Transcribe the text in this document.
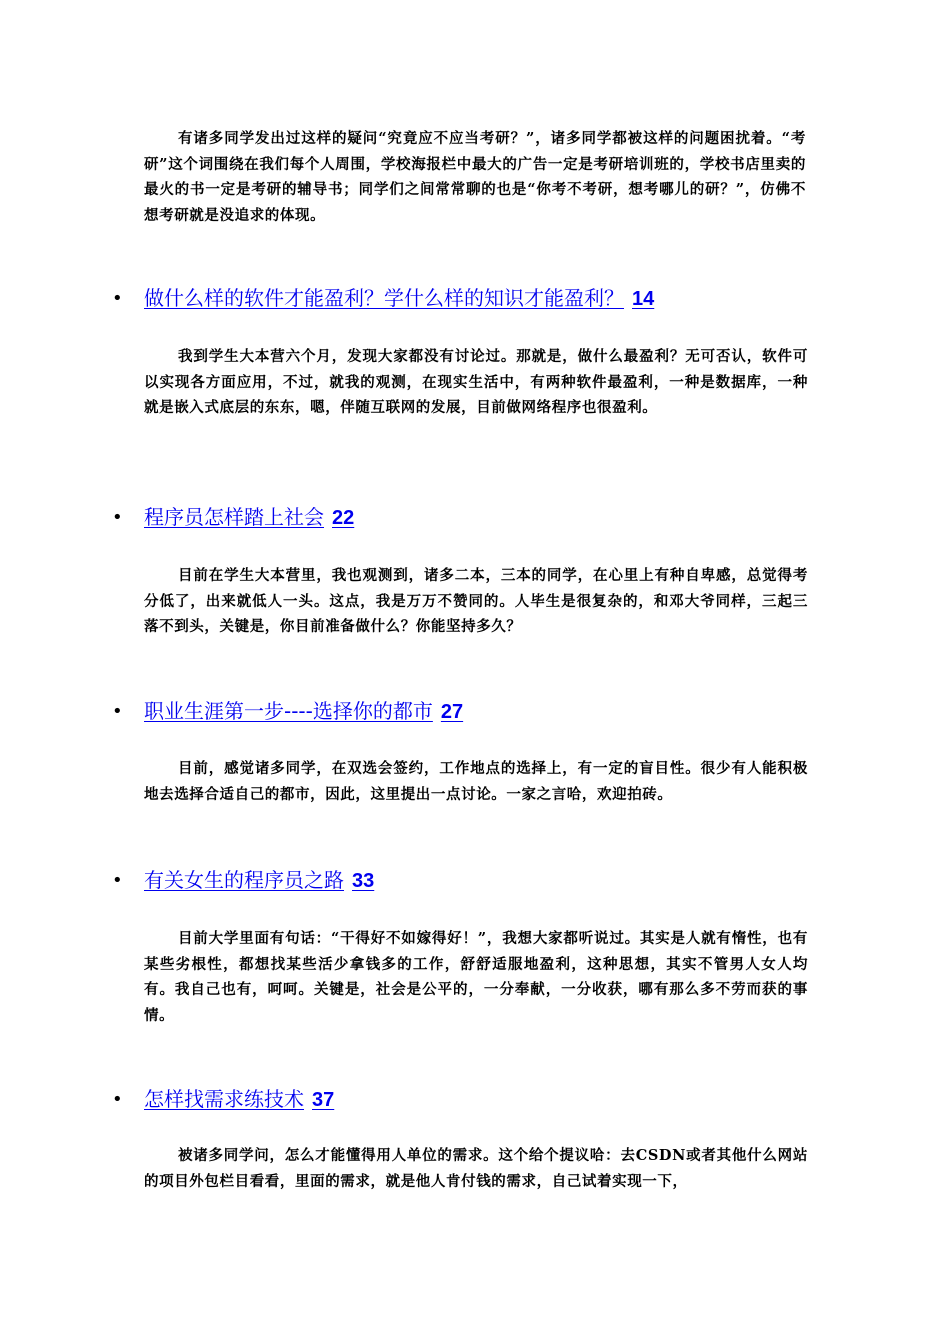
有诸多同学发出过这样的疑问“究竟应不应当考研？”，诸多同学都被这样的问题困扰着。“考研”这个词围绕在我们每个人周围，学校海报栏中最大的广告一定是考研培训班的，学校书店里卖的最火的书一定是考研的辅导书；同学们之间常常聊的也是“你考不考研，想考哪儿的研？”，仿佛不想考研就是没追求的体现。

• 做什么样的软件才能盈利？学什么样的知识才能盈利？ 14

我到学生大本营六个月，发现大家都没有讨论过。那就是，做什么最盈利？无可否认，软件可以实现各方面应用，不过，就我的观测，在现实生活中，有两种软件最盈利，一种是数据库，一种就是嵌入式底层的东东，嗯，伴随互联网的发展，目前做网络程序也很盈利。

• 程序员怎样踏上社会 22

目前在学生大本营里，我也观测到，诸多二本，三本的同学，在心里上有种自卑感，总觉得考分低了，出来就低人一头。这点，我是万万不赞同的。人毕生是很复杂的，和邓大爷同样，三起三落不到头，关键是，你目前准备做什么？你能坚持多久？

• 职业生涯第一步----选择你的都市 27

目前，感觉诸多同学，在双选会签约，工作地点的选择上，有一定的盲目性。很少有人能积极地去选择合适自己的都市，因此，这里提出一点讨论。一家之言哈，欢迎拍砖。

• 有关女生的程序员之路 33

目前大学里面有句话：“干得好不如嫁得好！”，我想大家都听说过。其实是人就有惰性，也有某些劣根性，都想找某些活少拿钱多的工作，舒舒适服地盈利，这种思想，其实不管男人女人均有。我自己也有，呵呵。关键是，社会是公平的，一分奉献，一分收获，哪有那么多不劳而获的事情。

• 怎样找需求练技术 37

被诸多同学问，怎么才能懂得用人单位的需求。这个给个提议哈：去CSDN或者其他什么网站的项目外包栏目看看，里面的需求，就是他人肯付钱的需求，自己试着实现一下，
